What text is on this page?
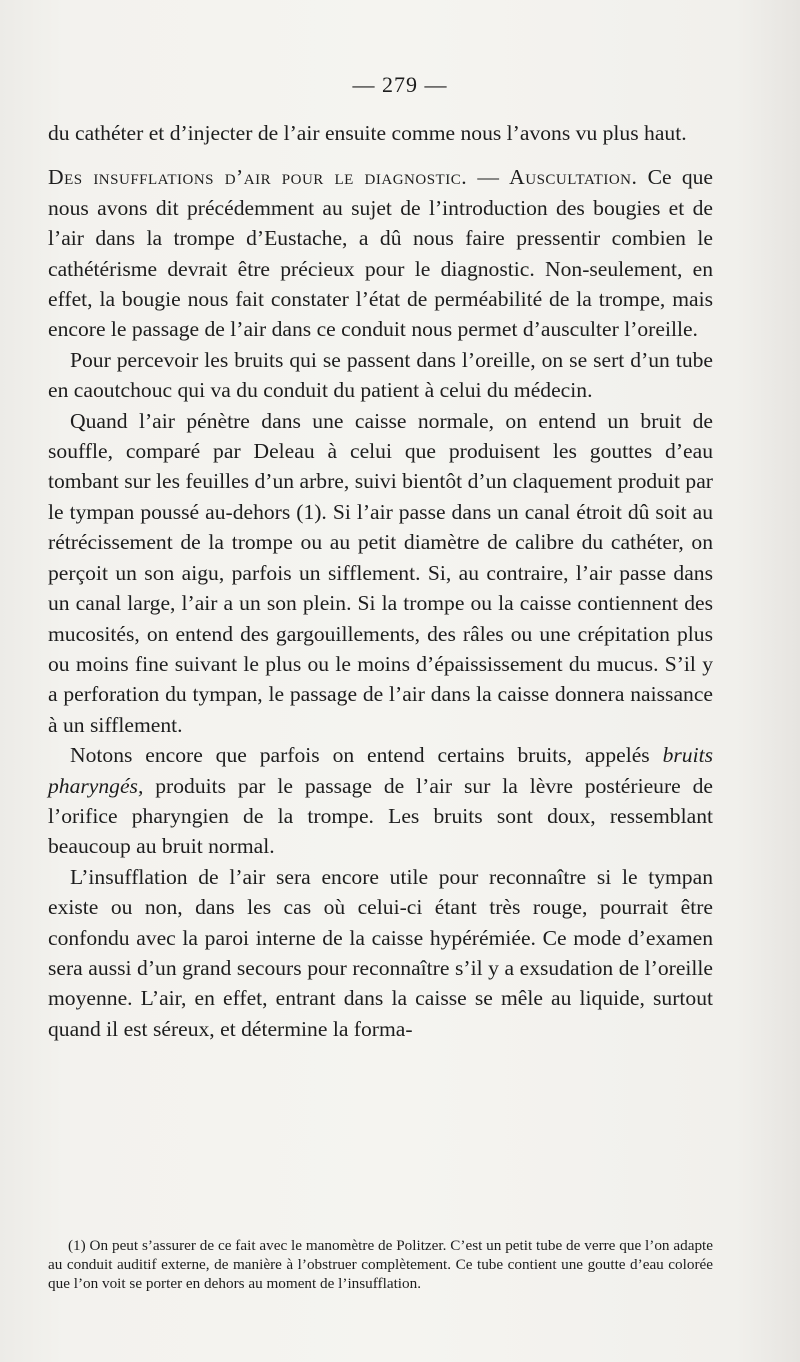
— 279 —

du cathéter et d’injecter de l’air ensuite comme nous l’avons vu plus haut.

Des insufflations d’air pour le diagnostic. — Auscultation. Ce que nous avons dit précédemment au sujet de l’introduction des bougies et de l’air dans la trompe d’Eustache, a dû nous faire pressentir combien le cathétérisme devrait être précieux pour le diagnostic. Non-seulement, en effet, la bougie nous fait constater l’état de perméabilité de la trompe, mais encore le passage de l’air dans ce conduit nous permet d’ausculter l’oreille.

Pour percevoir les bruits qui se passent dans l’oreille, on se sert d’un tube en caoutchouc qui va du conduit du patient à celui du médecin.

Quand l’air pénètre dans une caisse normale, on entend un bruit de souffle, comparé par Deleau à celui que produisent les gouttes d’eau tombant sur les feuilles d’un arbre, suivi bientôt d’un claquement produit par le tympan poussé au-dehors (1). Si l’air passe dans un canal étroit dû soit au rétrécissement de la trompe ou au petit diamètre de calibre du cathéter, on perçoit un son aigu, parfois un sifflement. Si, au contraire, l’air passe dans un canal large, l’air a un son plein. Si la trompe ou la caisse contiennent des mucosités, on entend des gargouillements, des râles ou une crépitation plus ou moins fine suivant le plus ou le moins d’épaississement du mucus. S’il y a perforation du tympan, le passage de l’air dans la caisse donnera naissance à un sifflement.

Notons encore que parfois on entend certains bruits, appelés bruits pharyngés, produits par le passage de l’air sur la lèvre postérieure de l’orifice pharyngien de la trompe. Les bruits sont doux, ressemblant beaucoup au bruit normal.

L’insufflation de l’air sera encore utile pour reconnaître si le tympan existe ou non, dans les cas où celui-ci étant très rouge, pourrait être confondu avec la paroi interne de la caisse hypérémiée. Ce mode d’examen sera aussi d’un grand secours pour reconnaître s’il y a exsudation de l’oreille moyenne. L’air, en effet, entrant dans la caisse se mêle au liquide, surtout quand il est séreux, et détermine la forma-

(1) On peut s’assurer de ce fait avec le manomètre de Politzer. C’est un petit tube de verre que l’on adapte au conduit auditif externe, de manière à l’obstruer complètement. Ce tube contient une goutte d’eau colorée que l’on voit se porter en dehors au moment de l’insufflation.
